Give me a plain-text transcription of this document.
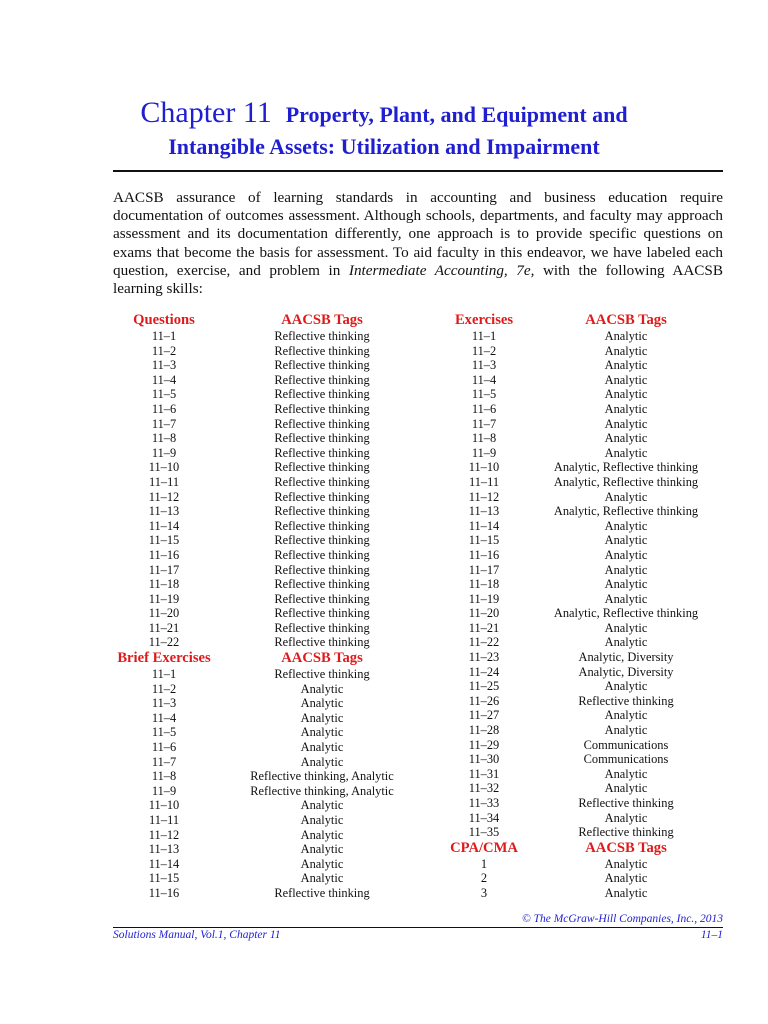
Chapter 11 Property, Plant, and Equipment and
Intangible Assets: Utilization and Impairment
AACSB assurance of learning standards in accounting and business education require documentation of outcomes assessment. Although schools, departments, and faculty may approach assessment and its documentation differently, one approach is to provide specific questions on exams that become the basis for assessment. To aid faculty in this endeavor, we have labeled each question, exercise, and problem in Intermediate Accounting, 7e, with the following AACSB learning skills:
Questions
11–1
11–2
11–3
11–4
11–5
11–6
11–7
11–8
11–9
11–10
11–11
11–12
11–13
11–14
11–15
11–16
11–17
11–18
11–19
11–20
11–21
11–22
Brief Exercises
11–1
11–2
11–3
11–4
11–5
11–6
11–7
11–8
11–9
11–10
11–11
11–12
11–13
11–14
11–15
11–16
AACSB Tags
Reflective thinking
Reflective thinking
Reflective thinking
Reflective thinking
Reflective thinking
Reflective thinking
Reflective thinking
Reflective thinking
Reflective thinking
Reflective thinking
Reflective thinking
Reflective thinking
Reflective thinking
Reflective thinking
Reflective thinking
Reflective thinking
Reflective thinking
Reflective thinking
Reflective thinking
Reflective thinking
Reflective thinking
Reflective thinking
AACSB Tags
Reflective thinking
Analytic
Analytic
Analytic
Analytic
Analytic
Analytic
Reflective thinking, Analytic
Reflective thinking, Analytic
Analytic
Analytic
Analytic
Analytic
Analytic
Analytic
Reflective thinking
Exercises
11–1
11–2
11–3
11–4
11–5
11–6
11–7
11–8
11–9
11–10
11–11
11–12
11–13
11–14
11–15
11–16
11–17
11–18
11–19
11–20
11–21
11–22
11–23
11–24
11–25
11–26
11–27
11–28
11–29
11–30
11–31
11–32
11–33
11–34
11–35
CPA/CMA
1
2
3
AACSB Tags
Analytic
Analytic
Analytic
Analytic
Analytic
Analytic
Analytic
Analytic
Analytic
Analytic, Reflective thinking
Analytic, Reflective thinking
Analytic
Analytic, Reflective thinking
Analytic
Analytic
Analytic
Analytic
Analytic
Analytic
Analytic, Reflective thinking
Analytic
Analytic
Analytic, Diversity
Analytic, Diversity
Analytic
Reflective thinking
Analytic
Analytic
Communications
Communications
Analytic
Analytic
Reflective thinking
Analytic
Reflective thinking
AACSB Tags
Analytic
Analytic
Analytic
© The McGraw-Hill Companies, Inc., 2013
Solutions Manual, Vol.1, Chapter 11	11–1
